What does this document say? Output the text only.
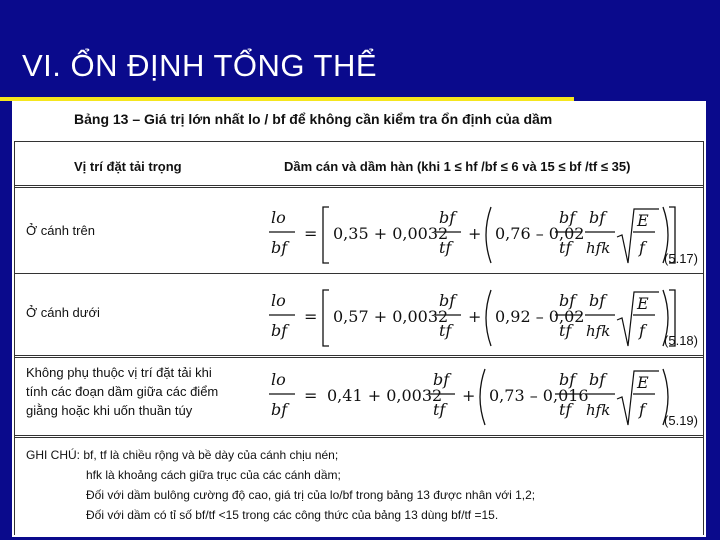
VI. ỔN ĐỊNH TỔNG THỂ
Bảng 13 – Giá trị lớn nhất lo / bf để không cần kiểm tra ổn định của dầm
Vị trí đặt tải trọng	Dầm cán và dầm hàn (khi 1 ≤ hf /bf ≤ 6 và 15 ≤ bf /tf ≤ 35)
Ở cánh trên
lo
bf
= 0,35 + 0,0032
bf
tf
+ 0,76 – 0,02
bf
tf
bf
hfk
E
f
(5.17)
Ở cánh dưới
lo
bf
= 0,57 + 0,0032
bf
tf
+ 0,92 – 0,02
bf
tf
bf
hfk
E
f
(5.18)
Không phụ thuộc vị trí đặt tải khi
tính các đoạn dầm giữa các điểm
giằng hoặc khi uốn thuần túy
lo
bf
= 0,41 + 0,0032
bf
tf
+ 0,73 – 0,016
bf
tf
bf
hfk
E
f
(5.19)
GHI CHÚ: bf, tf là chiều rộng và bề dày của cánh chịu nén;
hfk là khoảng cách giữa trục của các cánh dầm;
Đối với dầm bulông cường độ cao, giá trị của lo/bf trong bảng 13 được nhân với 1,2;
Đối với dầm có tỉ số bf/tf <15 trong các công thức của bảng 13 dùng bf/tf =15.
